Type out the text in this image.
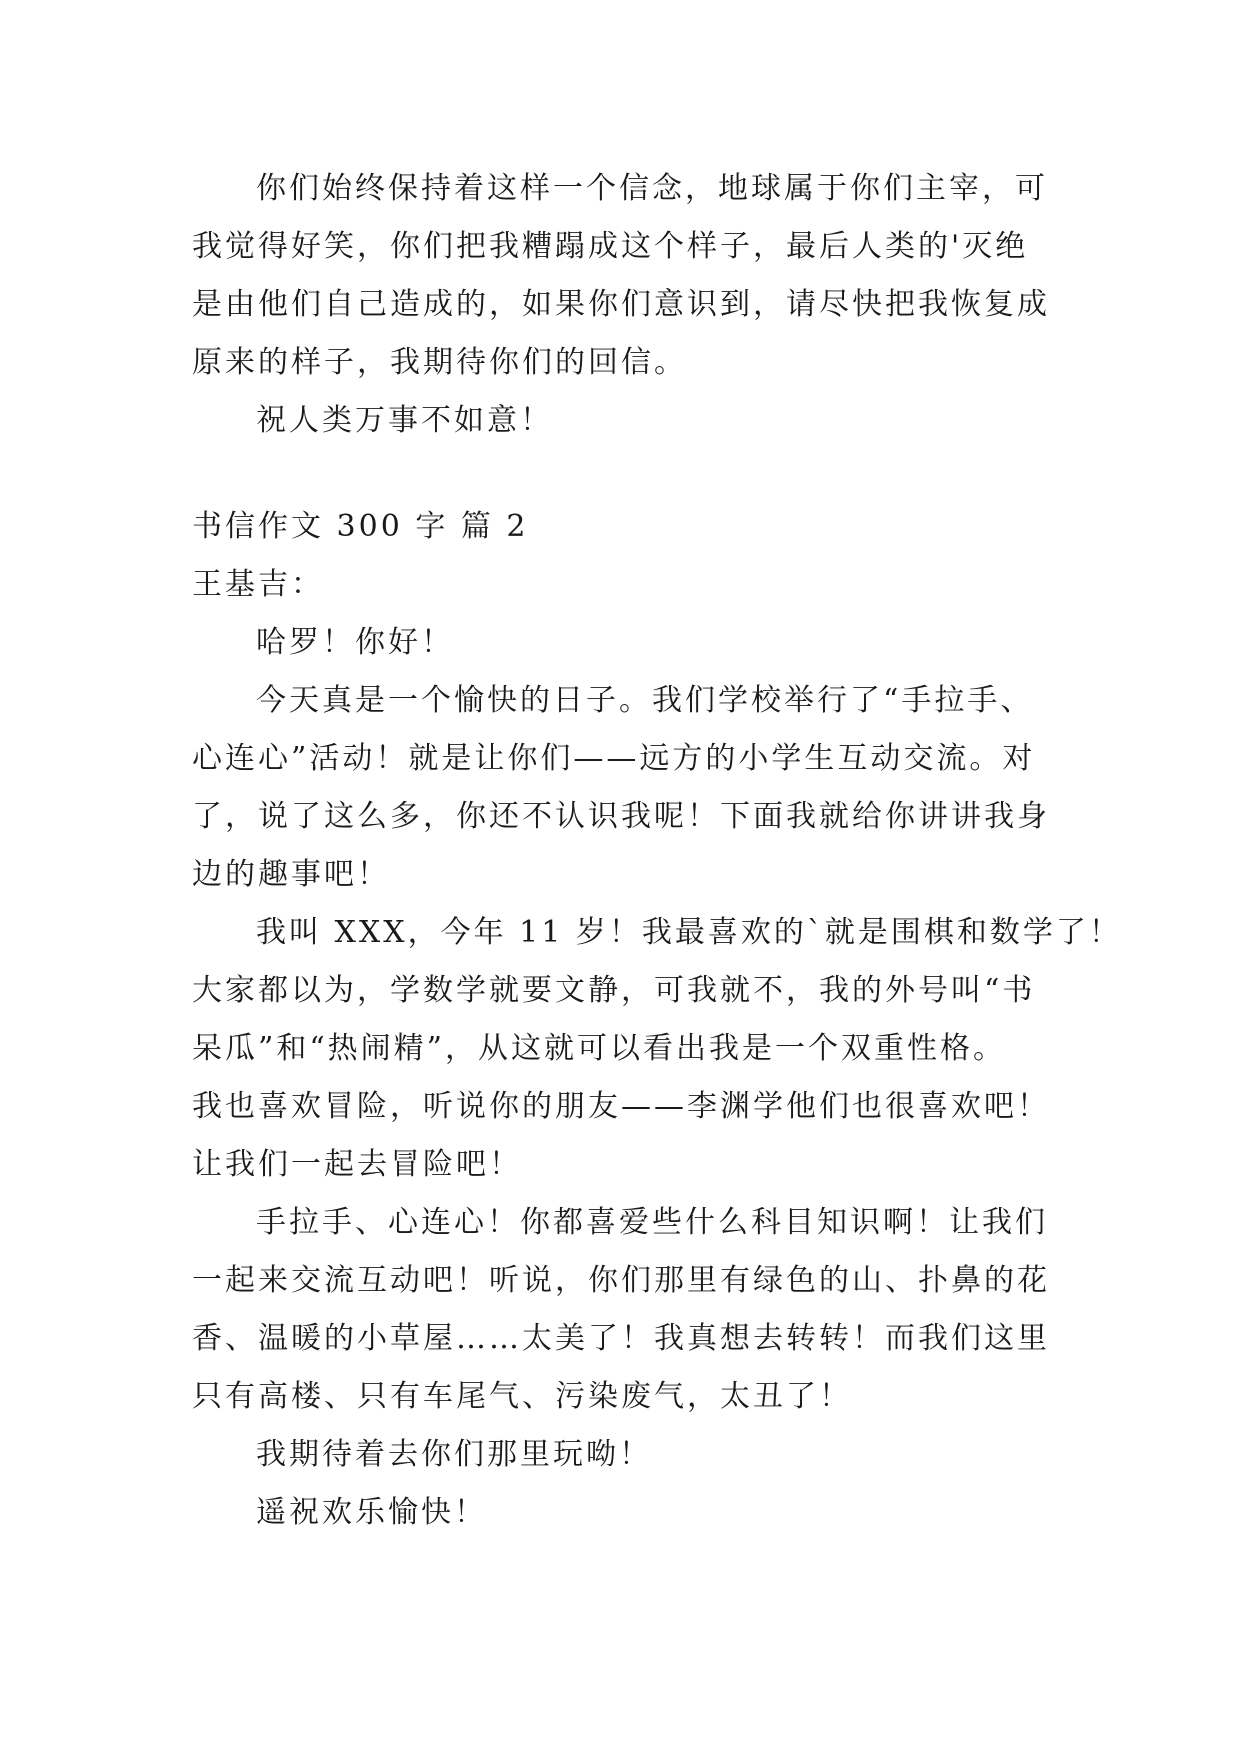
你们始终保持着这样一个信念，地球属于你们主宰，可

我觉得好笑，你们把我糟蹋成这个样子，最后人类的'灭绝

是由他们自己造成的，如果你们意识到，请尽快把我恢复成

原来的样子，我期待你们的回信。

祝人类万事不如意！

书信作文 300 字 篇 2

王基吉：

哈罗！你好！

今天真是一个愉快的日子。我们学校举行了“手拉手、

心连心”活动！就是让你们——远方的小学生互动交流。对

了，说了这么多，你还不认识我呢！下面我就给你讲讲我身

边的趣事吧！

我叫 XXX，今年 11 岁！我最喜欢的`就是围棋和数学了！

大家都以为，学数学就要文静，可我就不，我的外号叫“书

呆瓜”和“热闹精”，从这就可以看出我是一个双重性格。

我也喜欢冒险，听说你的朋友——李渊学他们也很喜欢吧！

让我们一起去冒险吧！

手拉手、心连心！你都喜爱些什么科目知识啊！让我们

一起来交流互动吧！听说，你们那里有绿色的山、扑鼻的花

香、温暖的小草屋……太美了！我真想去转转！而我们这里

只有高楼、只有车尾气、污染废气，太丑了！

我期待着去你们那里玩呦！

遥祝欢乐愉快！
